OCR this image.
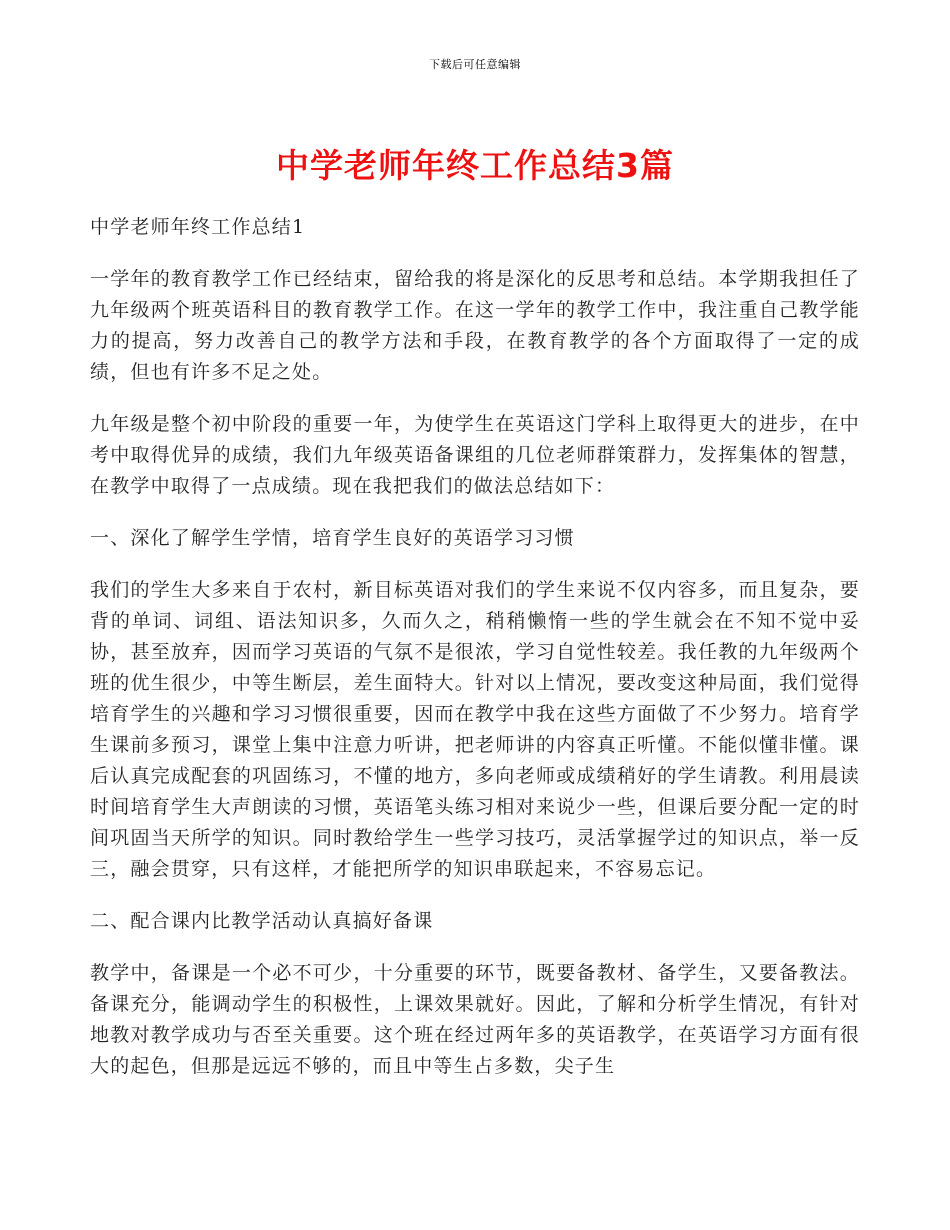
下载后可任意编辑
中学老师年终工作总结3篇

中学老师年终工作总结1

一学年的教育教学工作已经结束，留给我的将是深化的反思考和总结。本学期我担任了九年级两个班英语科目的教育教学工作。在这一学年的教学工作中，我注重自己教学能力的提高，努力改善自己的教学方法和手段，在教育教学的各个方面取得了一定的成绩，但也有许多不足之处。

九年级是整个初中阶段的重要一年，为使学生在英语这门学科上取得更大的进步，在中考中取得优异的成绩，我们九年级英语备课组的几位老师群策群力，发挥集体的智慧，在教学中取得了一点成绩。现在我把我们的做法总结如下：

一、深化了解学生学情，培育学生良好的英语学习习惯

我们的学生大多来自于农村，新目标英语对我们的学生来说不仅内容多，而且复杂，要背的单词、词组、语法知识多，久而久之，稍稍懒惰一些的学生就会在不知不觉中妥协，甚至放弃，因而学习英语的气氛不是很浓，学习自觉性较差。我任教的九年级两个班的优生很少，中等生断层，差生面特大。针对以上情况，要改变这种局面，我们觉得培育学生的兴趣和学习习惯很重要，因而在教学中我在这些方面做了不少努力。培育学生课前多预习，课堂上集中注意力听讲，把老师讲的内容真正听懂。不能似懂非懂。课后认真完成配套的巩固练习，不懂的地方，多向老师或成绩稍好的学生请教。利用晨读时间培育学生大声朗读的习惯，英语笔头练习相对来说少一些，但课后要分配一定的时间巩固当天所学的知识。同时教给学生一些学习技巧，灵活掌握学过的知识点，举一反三，融会贯穿，只有这样，才能把所学的知识串联起来，不容易忘记。

二、配合课内比教学活动认真搞好备课

教学中，备课是一个必不可少，十分重要的环节，既要备教材、备学生，又要备教法。备课充分，能调动学生的积极性，上课效果就好。因此，了解和分析学生情况，有针对地教对教学成功与否至关重要。这个班在经过两年多的英语教学，在英语学习方面有很大的起色，但那是远远不够的，而且中等生占多数，尖子生
